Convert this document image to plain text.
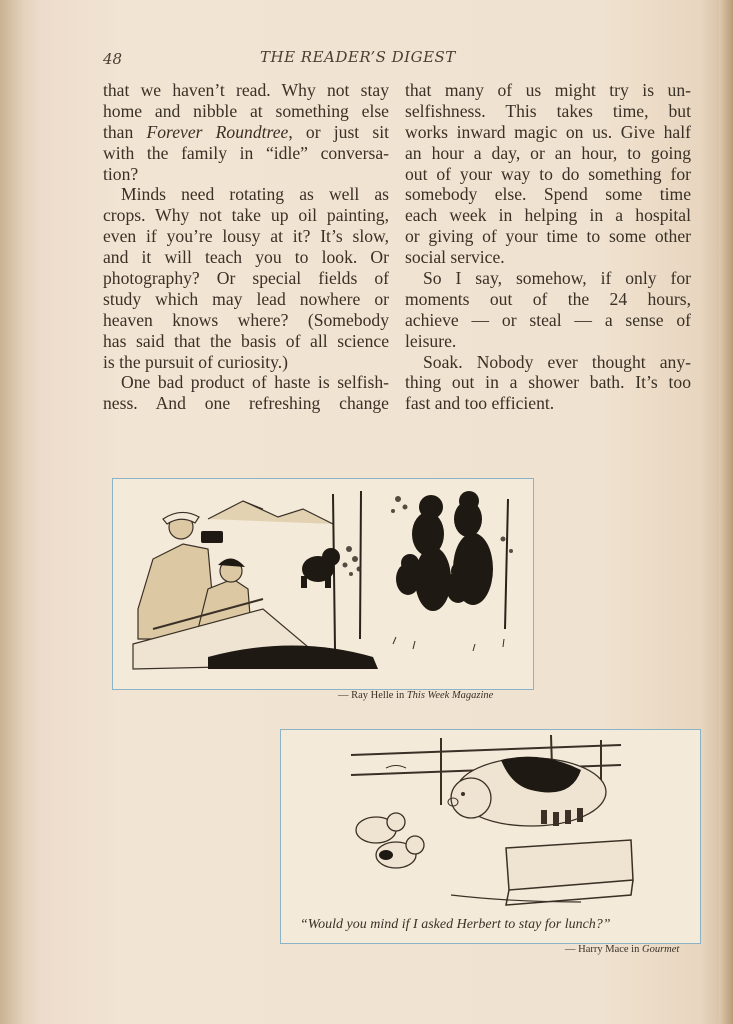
48	THE READER’S DIGEST
that we haven’t read. Why not stay
home and nibble at something else
than Forever Roundtree, or just sit
with the family in “idle” conversa-
tion?
Minds need rotating as well as
crops. Why not take up oil painting,
even if you’re lousy at it? It’s slow,
and it will teach you to look. Or
photography? Or special fields of
study which may lead nowhere or
heaven knows where? (Somebody
has said that the basis of all science
is the pursuit of curiosity.)
One bad product of haste is selfish-
ness. And one refreshing change
that many of us might try is un-
selfishness. This takes time, but
works inward magic on us. Give half
an hour a day, or an hour, to going
out of your way to do something for
somebody else. Spend some time
each week in helping in a hospital
or giving of your time to some other
social service.
So I say, somehow, if only for
moments out of the 24 hours,
achieve — or steal — a sense of
leisure.
Soak. Nobody ever thought any-
thing out in a shower bath. It’s too
fast and too efficient.
— Ray Helle in This Week Magazine
“Would you mind if I asked Herbert to stay for lunch?”
— Harry Mace in Gourmet
